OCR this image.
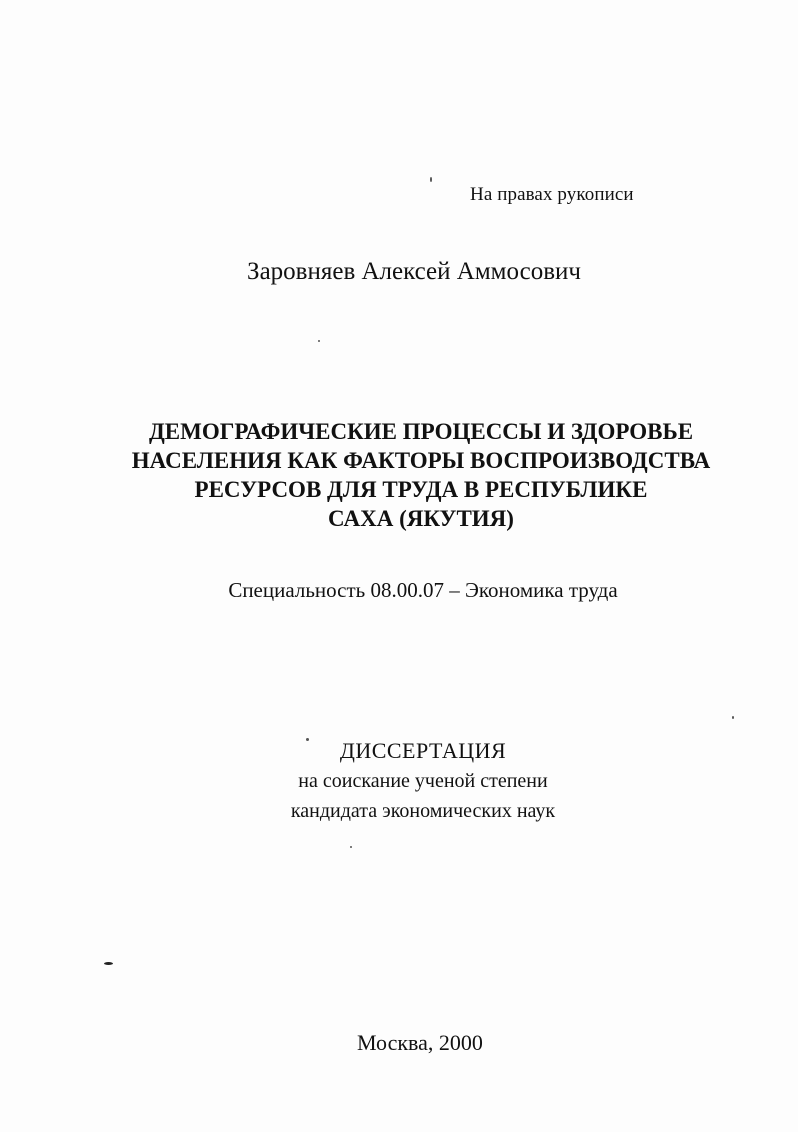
На правах рукописи
Заровняев Алексей Аммосович
ДЕМОГРАФИЧЕСКИЕ ПРОЦЕССЫ И ЗДОРОВЬЕ
НАСЕЛЕНИЯ КАК ФАКТОРЫ ВОСПРОИЗВОДСТВА
РЕСУРСОВ ДЛЯ ТРУДА В РЕСПУБЛИКЕ
САХА (ЯКУТИЯ)
Специальность 08.00.07 – Экономика труда
ДИССЕРТАЦИЯ
на соискание ученой степени
кандидата экономических наук
Москва, 2000
